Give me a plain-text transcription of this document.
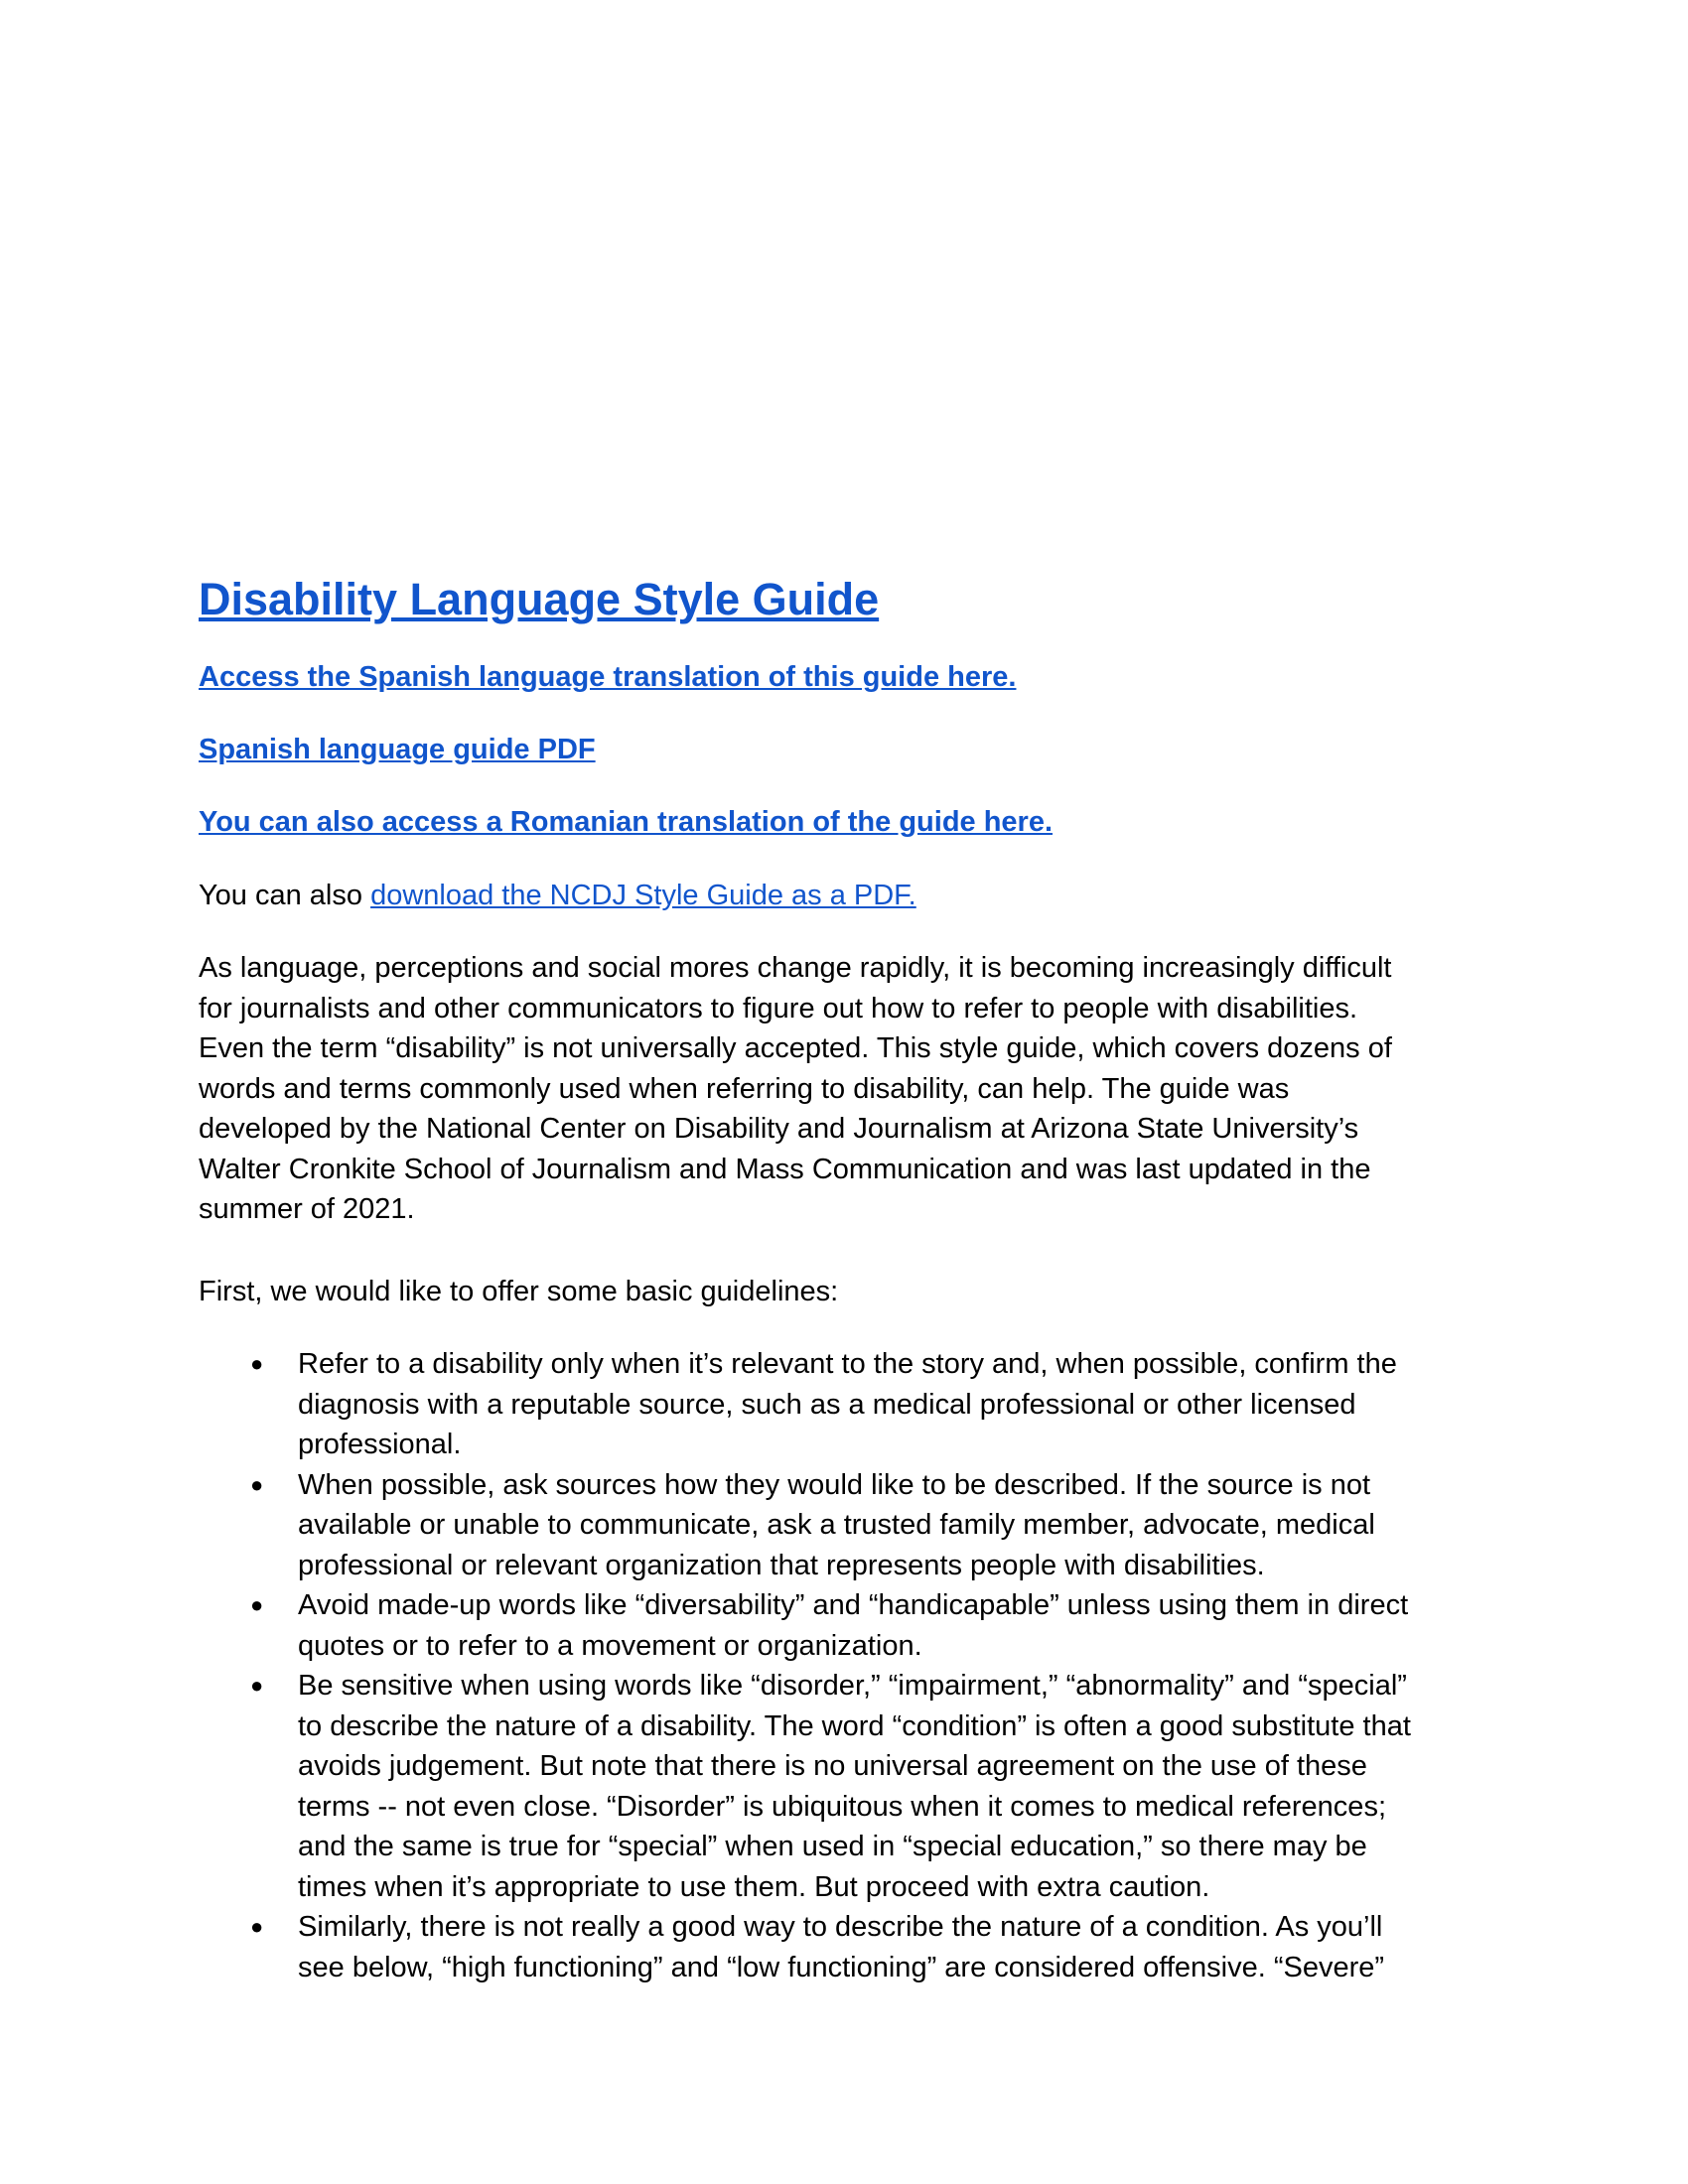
Disability Language Style Guide

Access the Spanish language translation of this guide here.

Spanish language guide PDF

You can also access a Romanian translation of the guide here.

You can also download the NCDJ Style Guide as a PDF.

As language, perceptions and social mores change rapidly, it is becoming increasingly difficult
for journalists and other communicators to figure out how to refer to people with disabilities.
Even the term “disability” is not universally accepted. This style guide, which covers dozens of
words and terms commonly used when referring to disability, can help. The guide was
developed by the National Center on Disability and Journalism at Arizona State University’s
Walter Cronkite School of Journalism and Mass Communication and was last updated in the
summer of 2021.

First, we would like to offer some basic guidelines:

● Refer to a disability only when it’s relevant to the story and, when possible, confirm the
diagnosis with a reputable source, such as a medical professional or other licensed
professional.
● When possible, ask sources how they would like to be described. If the source is not
available or unable to communicate, ask a trusted family member, advocate, medical
professional or relevant organization that represents people with disabilities.
● Avoid made-up words like “diversability” and “handicapable” unless using them in direct
quotes or to refer to a movement or organization.
● Be sensitive when using words like “disorder,” “impairment,” “abnormality” and “special”
to describe the nature of a disability. The word “condition” is often a good substitute that
avoids judgement. But note that there is no universal agreement on the use of these
terms -- not even close. “Disorder” is ubiquitous when it comes to medical references;
and the same is true for “special” when used in “special education,” so there may be
times when it’s appropriate to use them. But proceed with extra caution.
● Similarly, there is not really a good way to describe the nature of a condition. As you’ll
see below, “high functioning” and “low functioning” are considered offensive. “Severe”
